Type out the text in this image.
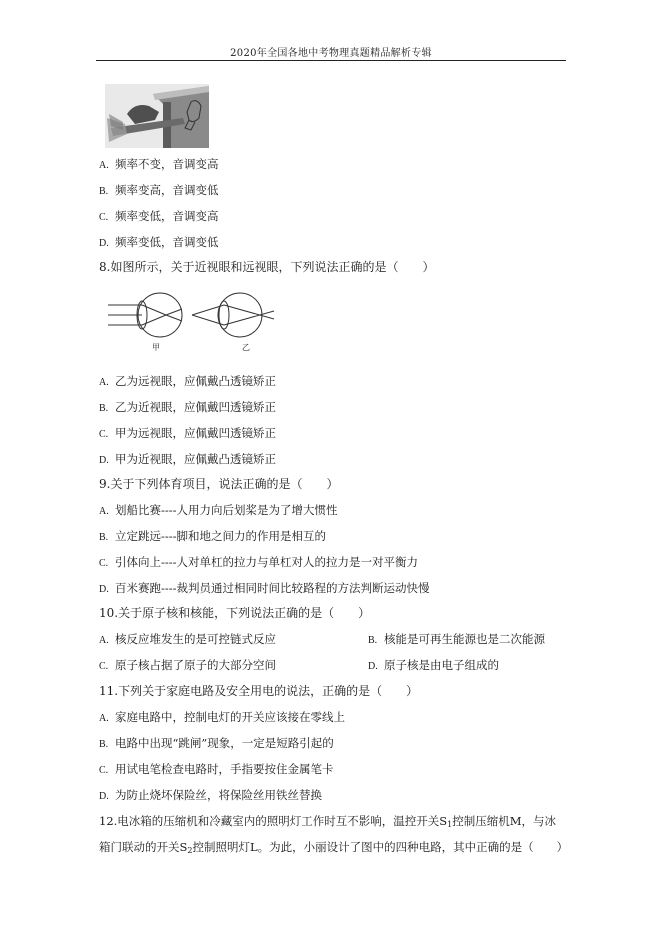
2020年全国各地中考物理真题精品解析专辑
A. 频率不变，音调变高
B. 频率变高，音调变低
C. 频率变低，音调变高
D. 频率变低，音调变低
8.如图所示，关于近视眼和远视眼，下列说法正确的是（　　）
甲	乙
A. 乙为远视眼，应佩戴凸透镜矫正
B. 乙为近视眼，应佩戴凹透镜矫正
C. 甲为远视眼，应佩戴凹透镜矫正
D. 甲为近视眼，应佩戴凸透镜矫正
9.关于下列体育项目，说法正确的是（　　）
A. 划船比赛----人用力向后划桨是为了增大惯性
B. 立定跳远----脚和地之间力的作用是相互的
C. 引体向上----人对单杠的拉力与单杠对人的拉力是一对平衡力
D. 百米赛跑----裁判员通过相同时间比较路程的方法判断运动快慢
10.关于原子核和核能，下列说法正确的是（　　）
A. 核反应堆发生的是可控链式反应	B. 核能是可再生能源也是二次能源
C. 原子核占据了原子的大部分空间	D. 原子核是由电子组成的
11.下列关于家庭电路及安全用电的说法，正确的是（　　）
A. 家庭电路中，控制电灯的开关应该接在零线上
B. 电路中出现“跳闸”现象，一定是短路引起的
C. 用试电笔检查电路时，手指要按住金属笔卡
D. 为防止烧坏保险丝，将保险丝用铁丝替换
12.电冰箱的压缩机和冷藏室内的照明灯工作时互不影响，温控开关$S_1$控制压缩机M，与冰
箱门联动的开关$S_2$控制照明灯L。为此，小丽设计了图中的四种电路，其中正确的是（　　）
